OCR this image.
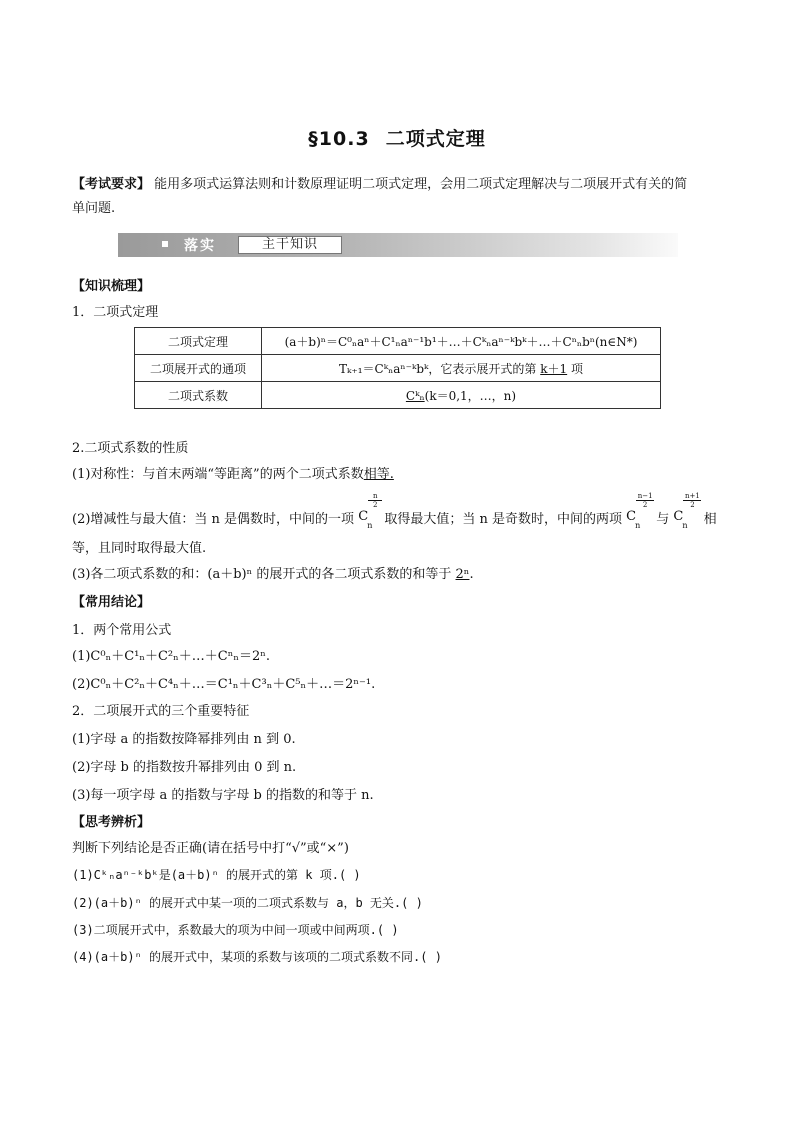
§10.3 二项式定理
【考试要求】 能用多项式运算法则和计数原理证明二项式定理，会用二项式定理解决与二项展开式有关的简
单问题.
落实	主干知识
【知识梳理】
1．二项式定理
二项式定理	(a＋b)ⁿ＝C⁰ₙaⁿ＋C¹ₙaⁿ⁻¹b¹＋…＋Cᵏₙaⁿ⁻ᵏbᵏ＋…＋Cⁿₙbⁿ(n∈N*)
二项展开式的通项	Tₖ₊₁＝Cᵏₙaⁿ⁻ᵏbᵏ，它表示展开式的第 k＋1 项
二项式系数	Cᵏₙ(k＝0,1，…，n)
2.二项式系数的性质
(1)对称性：与首末两端“等距离”的两个二项式系数相等.
(2)增减性与最大值：当 n 是偶数时，中间的一项 C
$\frac{n}{2}$
n 取得最大值；当 n 是奇数时，中间的两项 C
$\frac{n-1}{2}$
n 与 C
$\frac{n+1}{2}$
n 相
等，且同时取得最大值.
(3)各二项式系数的和：(a＋b)ⁿ 的展开式的各二项式系数的和等于 2ⁿ.
【常用结论】
1．两个常用公式
(1)C⁰ₙ＋C¹ₙ＋C²ₙ＋…＋Cⁿₙ＝2ⁿ.
(2)C⁰ₙ＋C²ₙ＋C⁴ₙ＋…＝C¹ₙ＋C³ₙ＋C⁵ₙ＋…＝2ⁿ⁻¹.
2．二项展开式的三个重要特征
(1)字母 a 的指数按降幂排列由 n 到 0.
(2)字母 b 的指数按升幂排列由 0 到 n.
(3)每一项字母 a 的指数与字母 b 的指数的和等于 n.
【思考辨析】
判断下列结论是否正确(请在括号中打“√”或“×”)
(1)Cᵏₙaⁿ⁻ᵏbᵏ是(a＋b)ⁿ 的展开式的第 k 项.( )
(2)(a＋b)ⁿ 的展开式中某一项的二项式系数与 a，b 无关.( )
(3)二项展开式中，系数最大的项为中间一项或中间两项.( )
(4)(a＋b)ⁿ 的展开式中，某项的系数与该项的二项式系数不同.( )
